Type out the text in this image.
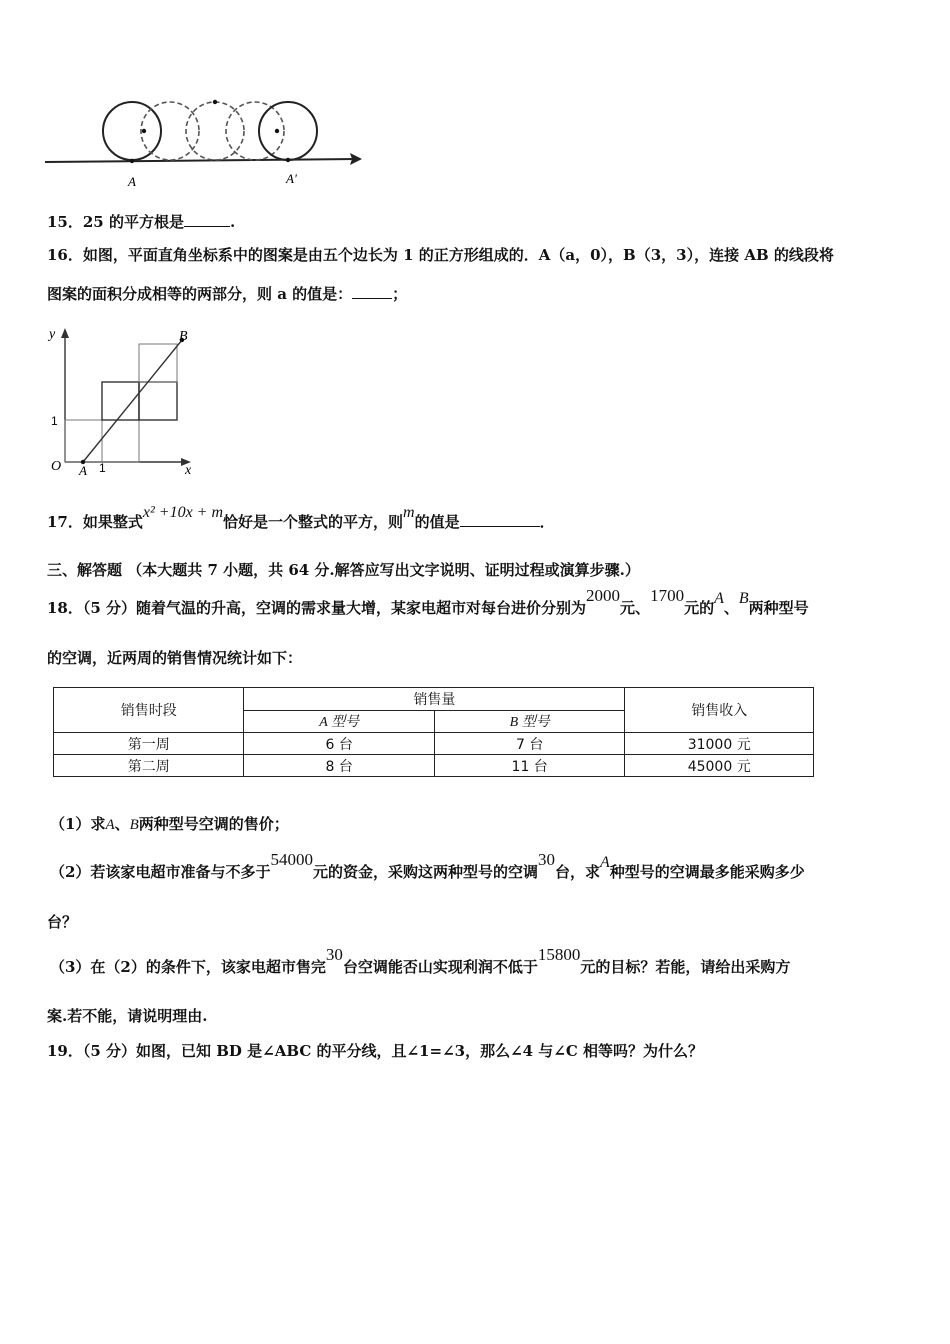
A	A'
15．25 的平方根是	.
16．如图，平面直角坐标系中的图案是由五个边长为 1 的正方形组成的．A（a，0），B（3，3），连接 AB 的线段将
图案的面积分成相等的两部分，则 a 的值是：	；
y	B
1
O A 1	x
17．如果整式x² +10x + m恰好是一个整式的平方，则m的值是	．
三、解答题 （本大题共 7 小题，共 64 分.解答应写出文字说明、证明过程或演算步骤.）
18．（5 分）随着气温的升高，空调的需求量大增，某家电超市对每台进价分别为2000元、1700元的A、B两种型号
的空调，近两周的销售情况统计如下：
销售时段	销售量		销售收入
	A 型号	B 型号	
第一周	6 台	7 台	31000 元
第二周	8 台	11 台	45000 元
（1）求A、B两种型号空调的售价；
（2）若该家电超市准备与不多于54000元的资金，采购这两种型号的空调30台，求A种型号的空调最多能采购多少
台？
（3）在（2）的条件下，该家电超市售完30台空调能否山实现利润不低于15800元的目标？若能，请给出采购方
案.若不能，请说明理由.
19．（5 分）如图，已知 BD 是∠ABC 的平分线，且∠1=∠3，那么∠4 与∠C 相等吗？为什么？
